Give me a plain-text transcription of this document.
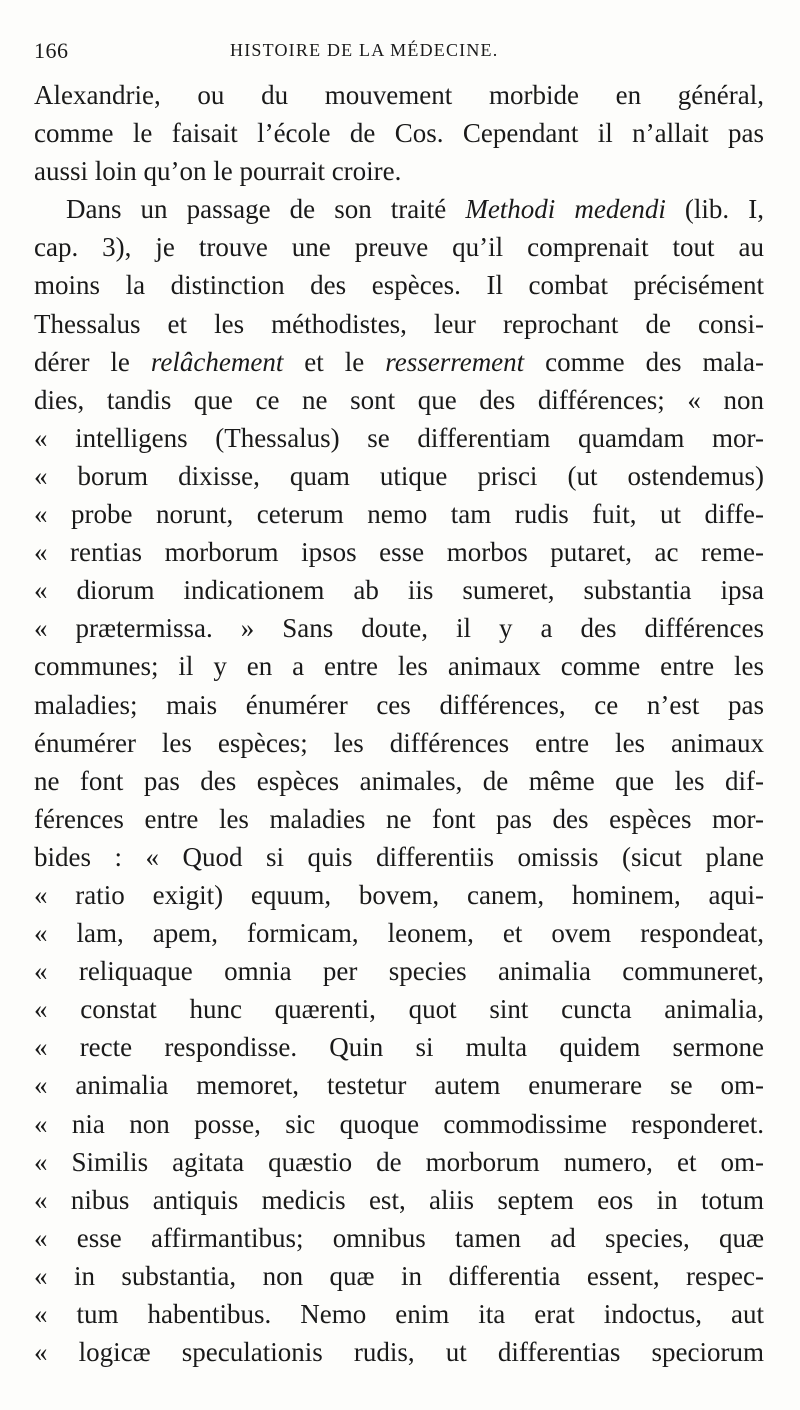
166	HISTOIRE DE LA MÉDECINE.
Alexandrie, ou du mouvement morbide en général,
comme le faisait l’école de Cos. Cependant il n’allait pas
aussi loin qu’on le pourrait croire.
Dans un passage de son traité Methodi medendi (lib. I,
cap. 3), je trouve une preuve qu’il comprenait tout au
moins la distinction des espèces. Il combat précisément
Thessalus et les méthodistes, leur reprochant de consi-
dérer le relâchement et le resserrement comme des mala-
dies, tandis que ce ne sont que des différences; « non
« intelligens (Thessalus) se differentiam quamdam mor-
« borum dixisse, quam utique prisci (ut ostendemus)
« probe norunt, ceterum nemo tam rudis fuit, ut diffe-
« rentias morborum ipsos esse morbos putaret, ac reme-
« diorum indicationem ab iis sumeret, substantia ipsa
« prætermissa. » Sans doute, il y a des différences
communes; il y en a entre les animaux comme entre les
maladies; mais énumérer ces différences, ce n’est pas
énumérer les espèces; les différences entre les animaux
ne font pas des espèces animales, de même que les dif-
férences entre les maladies ne font pas des espèces mor-
bides : « Quod si quis differentiis omissis (sicut plane
« ratio exigit) equum, bovem, canem, hominem, aqui-
« lam, apem, formicam, leonem, et ovem respondeat,
« reliquaque omnia per species animalia communeret,
« constat hunc quærenti, quot sint cuncta animalia,
« recte respondisse. Quin si multa quidem sermone
« animalia memoret, testetur autem enumerare se om-
« nia non posse, sic quoque commodissime responderet.
« Similis agitata quæstio de morborum numero, et om-
« nibus antiquis medicis est, aliis septem eos in totum
« esse affirmantibus; omnibus tamen ad species, quæ
« in substantia, non quæ in differentia essent, respec-
« tum habentibus. Nemo enim ita erat indoctus, aut
« logicæ speculationis rudis, ut differentias speciorum
